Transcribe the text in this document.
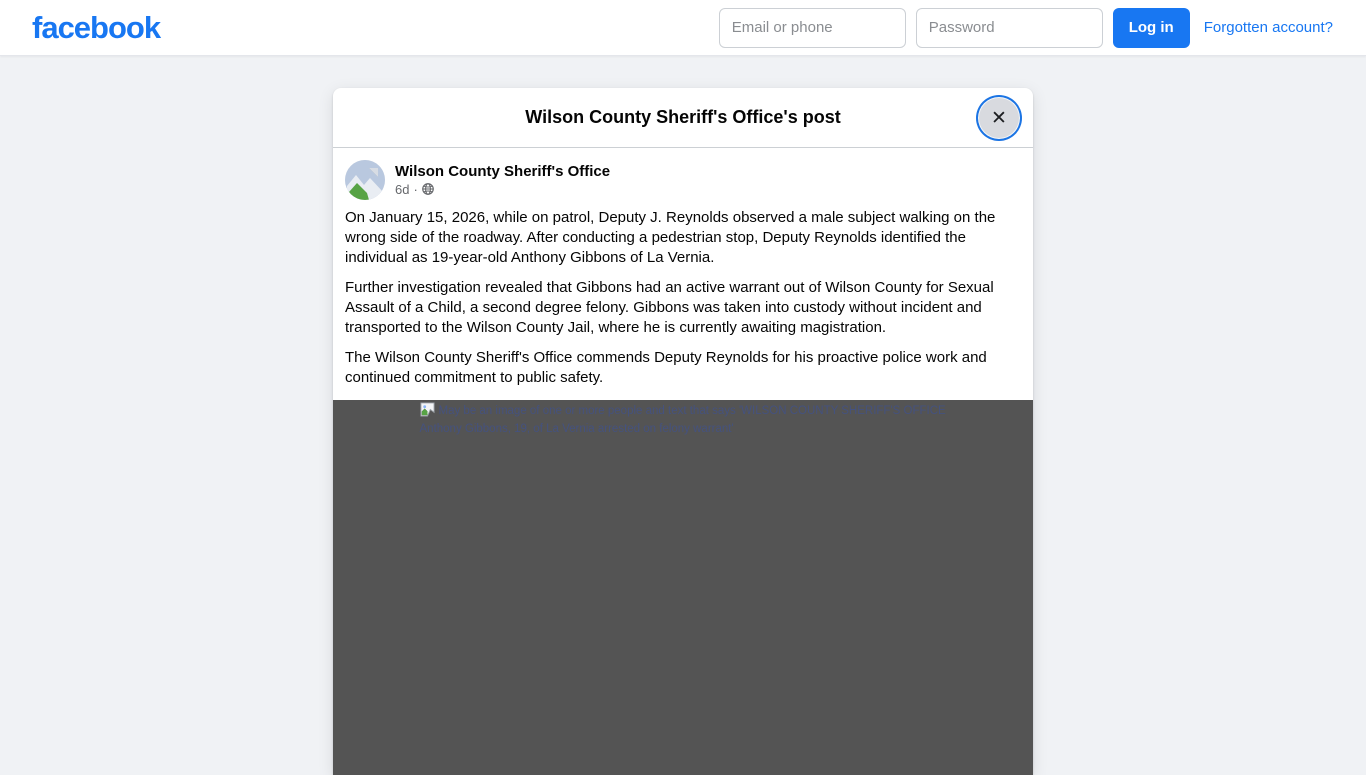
facebook
Email or phone	Log in	Forgotten account?
Wilson County Sheriff's Office's post	✕
Wilson County Sheriff's Office
6d ·

On January 15, 2026, while on patrol, Deputy J. Reynolds observed a male subject walking on the wrong side of the roadway. After conducting a pedestrian stop, Deputy Reynolds identified the individual as 19-year-old Anthony Gibbons of La Vernia.

Further investigation revealed that Gibbons had an active warrant out of Wilson County for Sexual Assault of a Child, a second degree felony. Gibbons was taken into custody without incident and transported to the Wilson County Jail, where he is currently awaiting magistration.

The Wilson County Sheriff's Office commends Deputy Reynolds for his proactive police work and continued commitment to public safety.

May be an image of one or more people and text that says 'WILSON COUNTY SHERIFF'S OFFICE Anthony Gibbons, 19, of La Vernia arrested on felony warrant'
